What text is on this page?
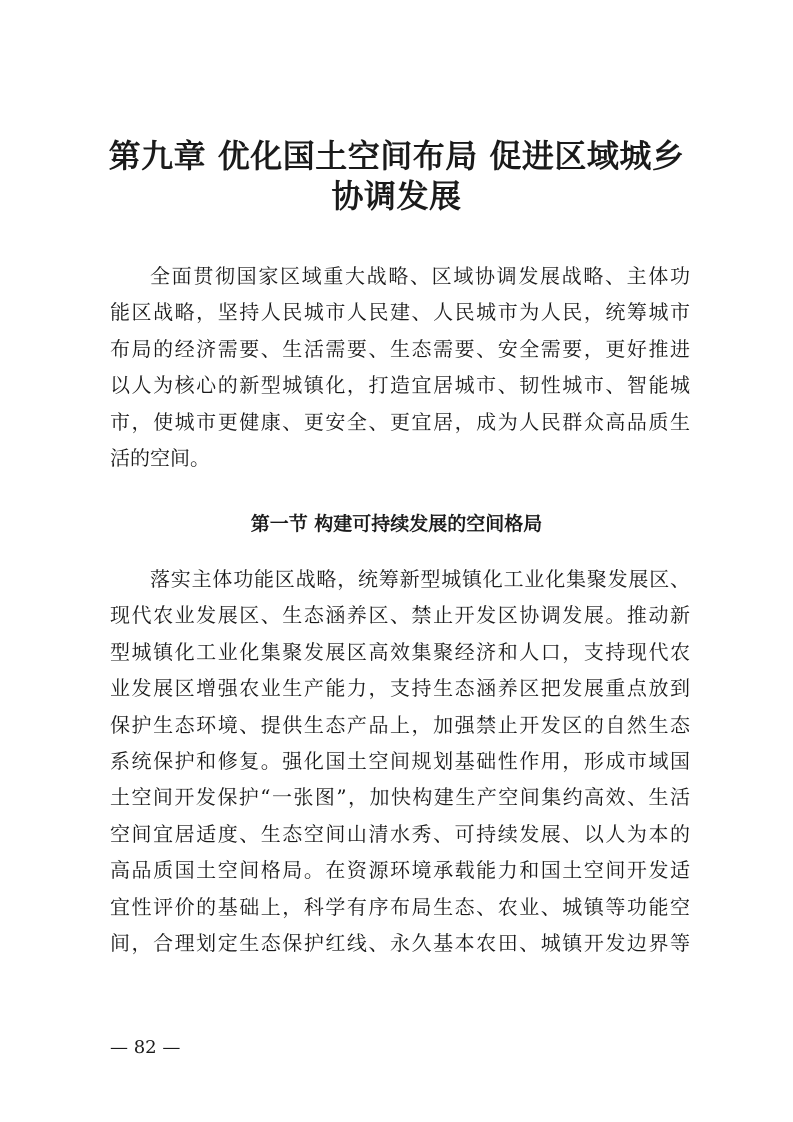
第九章 优化国土空间布局 促进区域城乡
协调发展

全面贯彻国家区域重大战略、区域协调发展战略、主体功
能区战略，坚持人民城市人民建、人民城市为人民，统筹城市
布局的经济需要、生活需要、生态需要、安全需要，更好推进
以人为核心的新型城镇化，打造宜居城市、韧性城市、智能城
市，使城市更健康、更安全、更宜居，成为人民群众高品质生
活的空间。

第一节 构建可持续发展的空间格局

落实主体功能区战略，统筹新型城镇化工业化集聚发展区、
现代农业发展区、生态涵养区、禁止开发区协调发展。推动新
型城镇化工业化集聚发展区高效集聚经济和人口，支持现代农
业发展区增强农业生产能力，支持生态涵养区把发展重点放到
保护生态环境、提供生态产品上，加强禁止开发区的自然生态
系统保护和修复。强化国土空间规划基础性作用，形成市域国
土空间开发保护“一张图”，加快构建生产空间集约高效、生活
空间宜居适度、生态空间山清水秀、可持续发展、以人为本的
高品质国土空间格局。在资源环境承载能力和国土空间开发适
宜性评价的基础上，科学有序布局生态、农业、城镇等功能空
间，合理划定生态保护红线、永久基本农田、城镇开发边界等

— 82 —
